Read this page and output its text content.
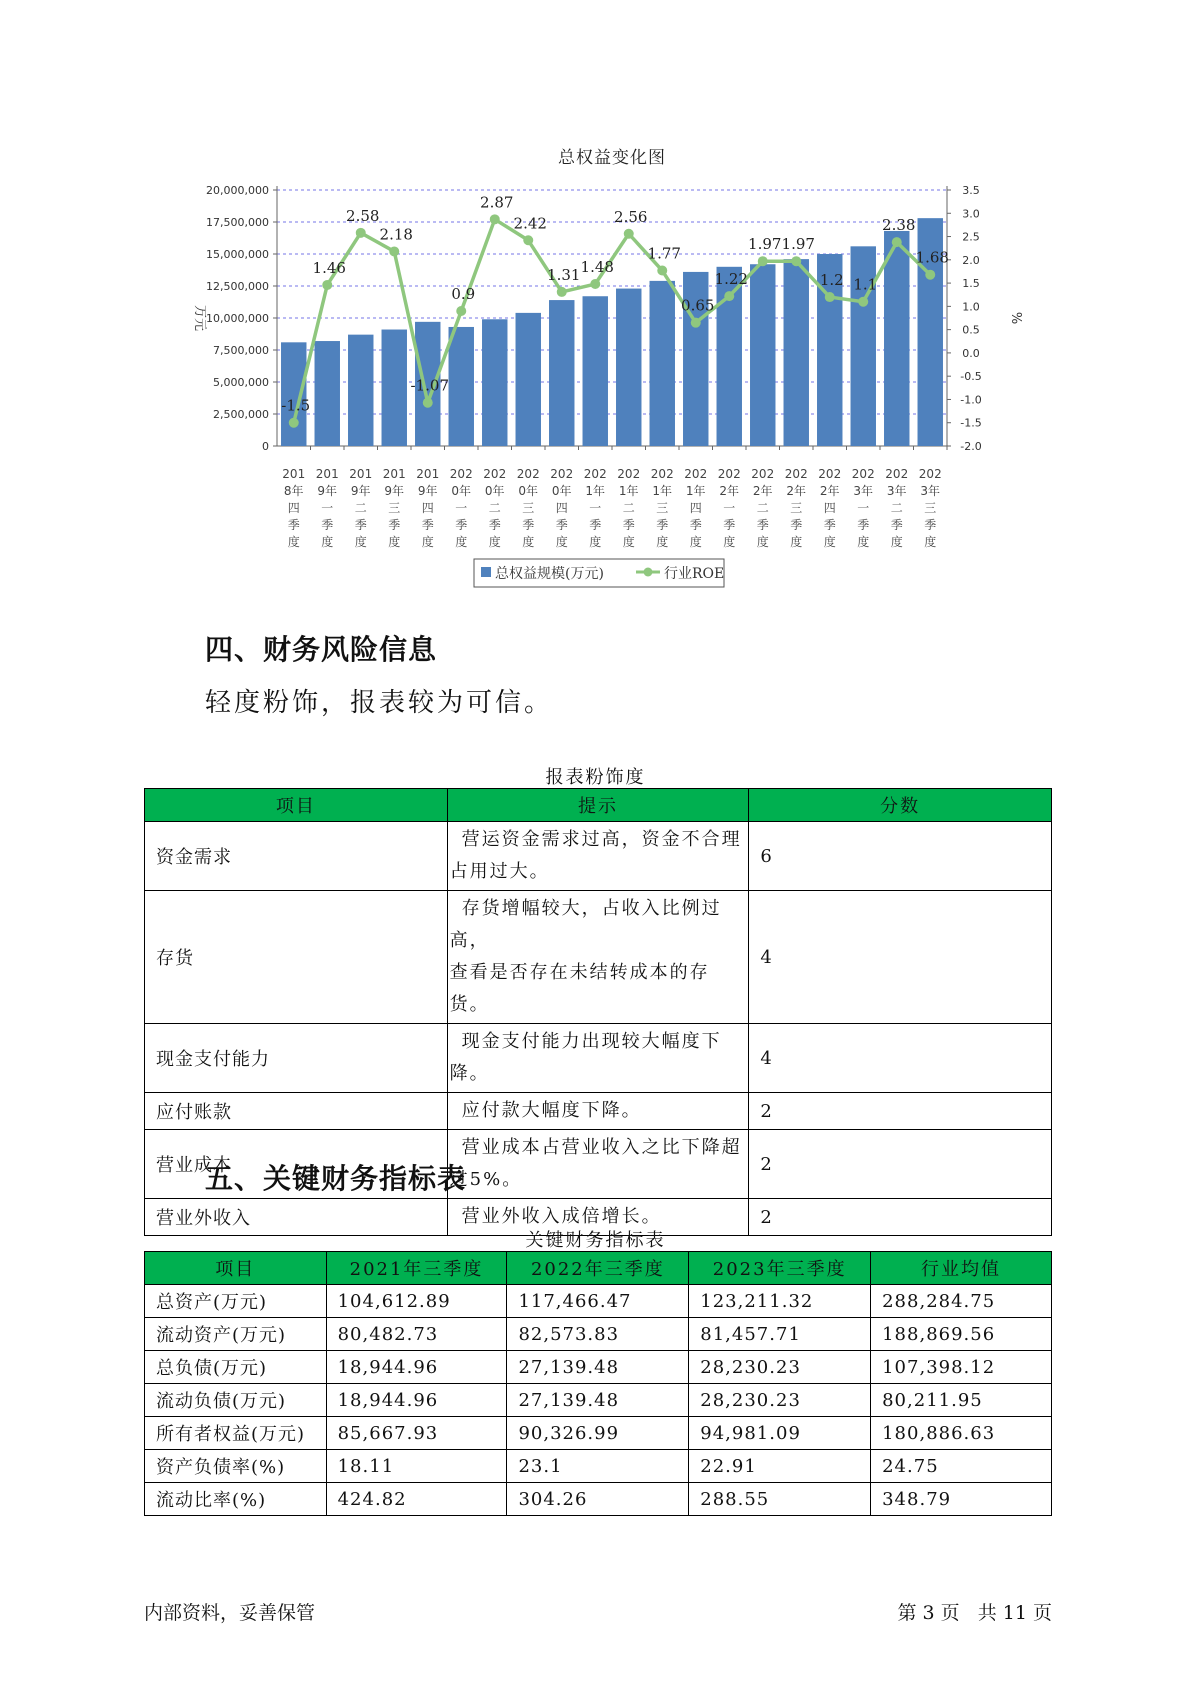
总权益变化图
0
2,500,000
5,000,000
7,500,000
10,000,000
12,500,000
15,000,000
17,500,000
20,000,000
-2.0
-1.5
-1.0
-0.5
0.0
0.5
1.0
1.5
2.0
2.5
3.0
3.5
万元	%
201 8年四季度
201 9年一季度
201 9年二季度
201 9年三季度
201 9年四季度
202 0年一季度
202 0年二季度
202 0年三季度
202 0年四季度
202 1年一季度
202 1年二季度
202 1年三季度
202 1年四季度
202 2年一季度
202 2年二季度
202 2年三季度
202 2年四季度
202 3年一季度
202 3年二季度
202 3年三季度
-1.5
1.46
2.58
2.18
-1.07
0.9
2.87
2.42
1.31 1.48
2.56
1.77
0.65
1.22
1.97 1.97
1.2 1.1
2.38
1.68
总权益规模(万元)	行业ROE
四、财务风险信息

轻度粉饰，报表较为可信。

报表粉饰度
项目	提示	分数
资金需求	营运资金需求过高，资金不合理
占用过大。	6
存货	存货增幅较大，占收入比例过高，
查看是否存在未结转成本的存货。	4
现金支付能力	现金支付能力出现较大幅度下降。	4
应付账款	应付款大幅度下降。	2
营业成本	营业成本占营业收入之比下降超
过5%。	2
营业外收入	营业外收入成倍增长。	2
五、关键财务指标表
关键财务指标表
项目	2021年三季度	2022年三季度	2023年三季度	行业均值
总资产(万元)	104,612.89	117,466.47	123,211.32	288,284.75
流动资产(万元)	80,482.73	82,573.83	81,457.71	188,869.56
总负债(万元)	18,944.96	27,139.48	28,230.23	107,398.12
流动负债(万元)	18,944.96	27,139.48	28,230.23	80,211.95
所有者权益(万元)	85,667.93	90,326.99	94,981.09	180,886.63
资产负债率(%)	18.11	23.1	22.91	24.75
流动比率(%)	424.82	304.26	288.55	348.79
内部资料，妥善保管	第 3 页   共 11 页
